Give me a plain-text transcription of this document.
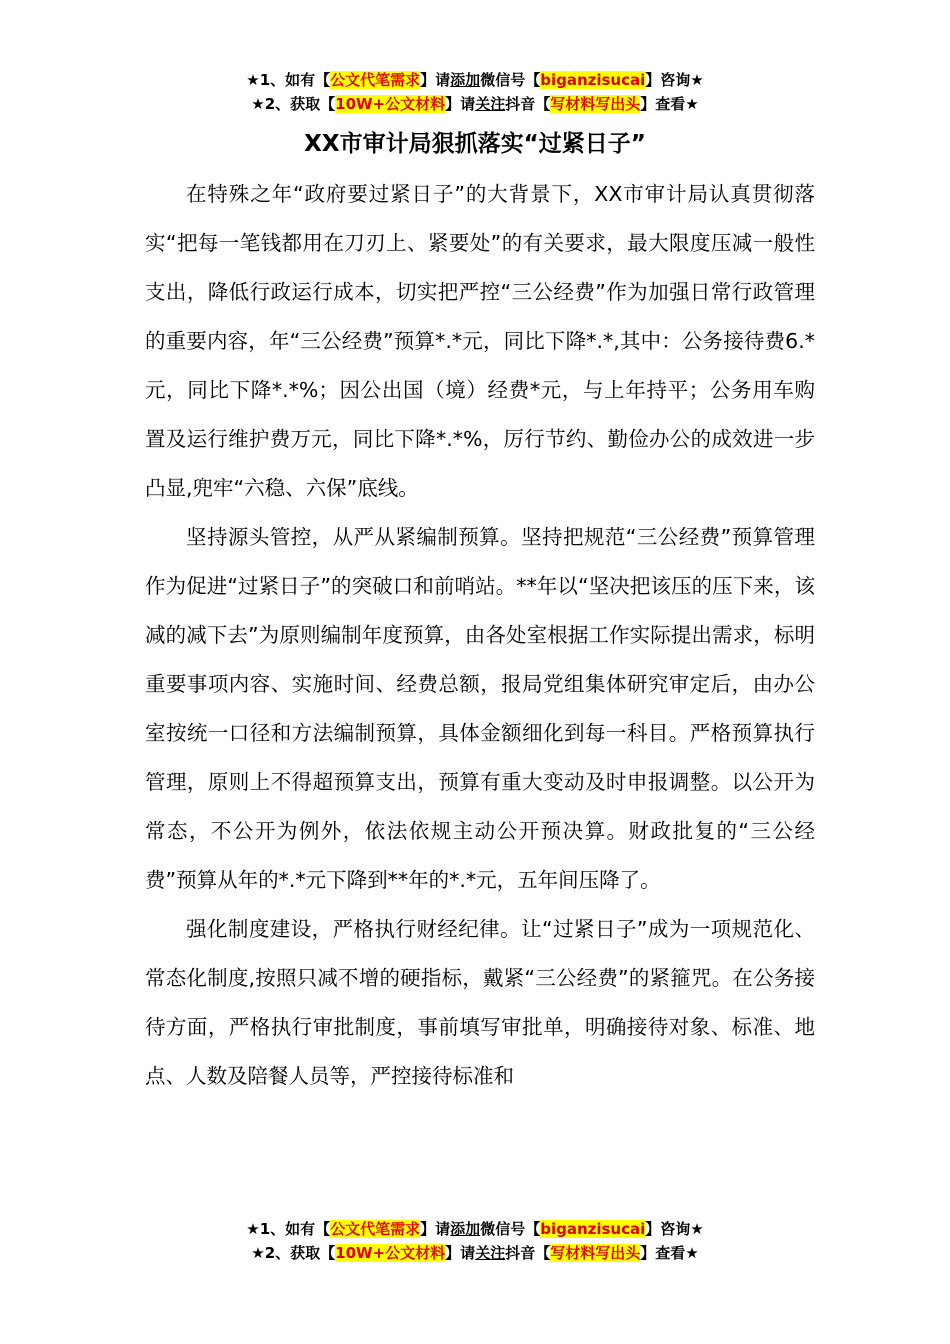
★1、如有【公文代笔需求】请添加微信号【biganzisucai】咨询★
★2、获取【10W+公文材料】请关注抖音【写材料写出头】查看★
XX市审计局狠抓落实“过紧日子”

在特殊之年“政府要过紧日子”的大背景下，XX市审计局认真贯彻落实“把每一笔钱都用在刀刃上、紧要处”的有关要求，最大限度压减一般性支出，降低行政运行成本，切实把严控“三公经费”作为加强日常行政管理的重要内容，年“三公经费”预算*.*元，同比下降*.*,其中：公务接待费6.*元，同比下降*.*%；因公出国（境）经费*元，与上年持平；公务用车购置及运行维护费万元，同比下降*.*%，厉行节约、勤俭办公的成效进一步凸显,兜牢“六稳、六保”底线。

坚持源头管控，从严从紧编制预算。坚持把规范“三公经费”预算管理作为促进“过紧日子”的突破口和前哨站。**年以“坚决把该压的压下来，该减的减下去”为原则编制年度预算，由各处室根据工作实际提出需求，标明重要事项内容、实施时间、经费总额，报局党组集体研究审定后，由办公室按统一口径和方法编制预算，具体金额细化到每一科目。严格预算执行管理，原则上不得超预算支出，预算有重大变动及时申报调整。以公开为常态，不公开为例外，依法依规主动公开预决算。财政批复的“三公经费”预算从年的*.*元下降到**年的*.*元，五年间压降了。

强化制度建设，严格执行财经纪律。让“过紧日子”成为一项规范化、常态化制度,按照只减不增的硬指标，戴紧“三公经费”的紧箍咒。在公务接待方面，严格执行审批制度，事前填写审批单，明确接待对象、标准、地点、人数及陪餐人员等，严控接待标准和

★1、如有【公文代笔需求】请添加微信号【biganzisucai】咨询★
★2、获取【10W+公文材料】请关注抖音【写材料写出头】查看★
